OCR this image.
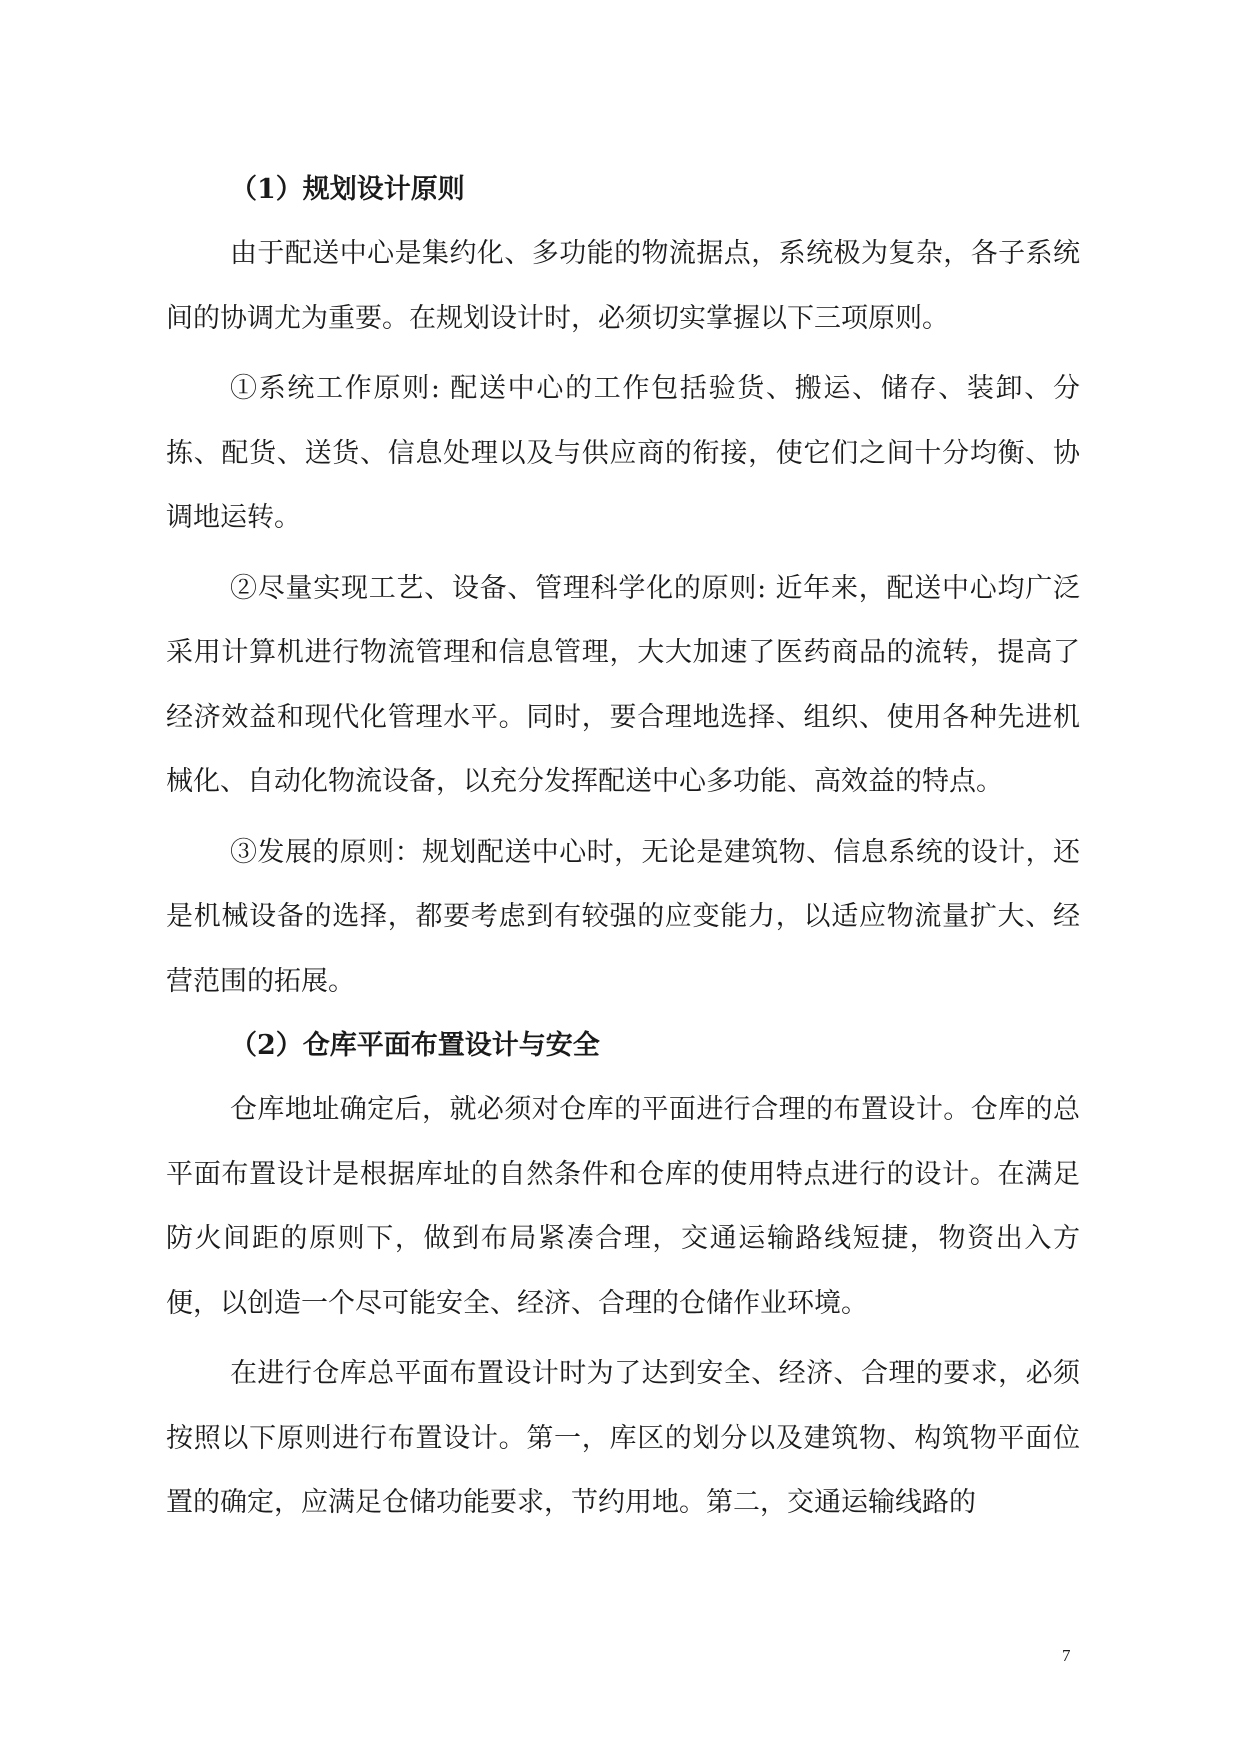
（1）规划设计原则

由于配送中心是集约化、多功能的物流据点，系统极为复杂，各子系统间的协调尤为重要。在规划设计时，必须切实掌握以下三项原则。

①系统工作原则: 配送中心的工作包括验货、搬运、储存、装卸、分拣、配货、送货、信息处理以及与供应商的衔接，使它们之间十分均衡、协调地运转。

②尽量实现工艺、设备、管理科学化的原则: 近年来，配送中心均广泛采用计算机进行物流管理和信息管理，大大加速了医药商品的流转，提高了经济效益和现代化管理水平。同时，要合理地选择、组织、使用各种先进机械化、自动化物流设备，以充分发挥配送中心多功能、高效益的特点。

③发展的原则：规划配送中心时，无论是建筑物、信息系统的设计，还是机械设备的选择，都要考虑到有较强的应变能力，以适应物流量扩大、经营范围的拓展。

（2）仓库平面布置设计与安全

仓库地址确定后，就必须对仓库的平面进行合理的布置设计。仓库的总平面布置设计是根据库址的自然条件和仓库的使用特点进行的设计。在满足防火间距的原则下，做到布局紧凑合理，交通运输路线短捷，物资出入方便，以创造一个尽可能安全、经济、合理的仓储作业环境。

在进行仓库总平面布置设计时为了达到安全、经济、合理的要求，必须按照以下原则进行布置设计。第一，库区的划分以及建筑物、构筑物平面位置的确定，应满足仓储功能要求，节约用地。第二，交通运输线路的

7
